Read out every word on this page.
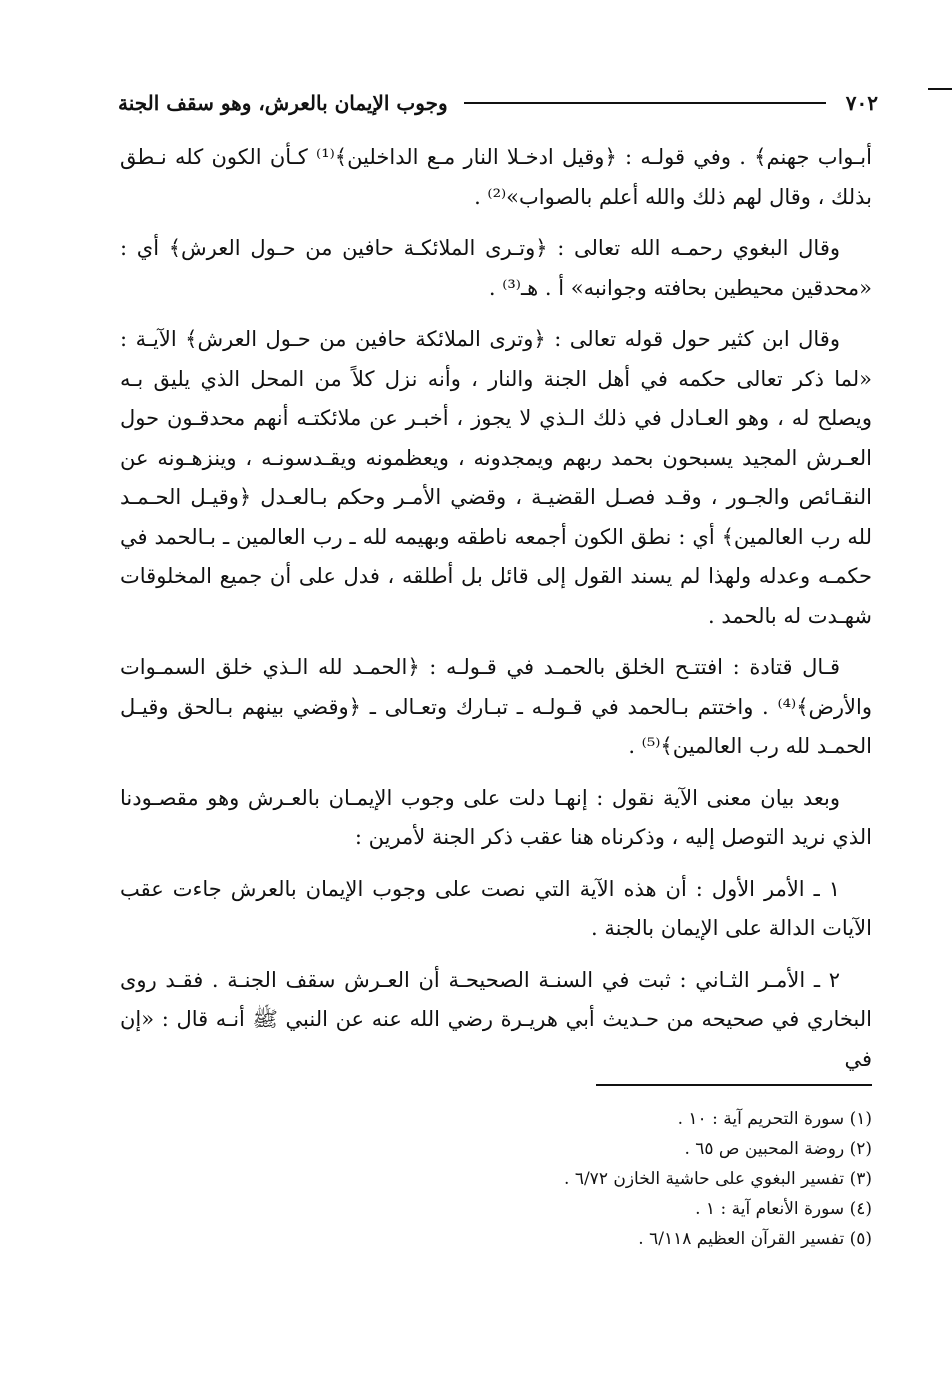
٧٠٢
وجوب الإيمان بالعرش، وهو سقف الجنة

أبـواب جهنم﴾ . وفي قولـه : ﴿وقيل ادخـلا النار مـع الداخلين﴾⁽¹⁾ كـأن الكون كله نـطق بذلك ، وقال لهم ذلك والله أعلم بالصواب»⁽²⁾ .

وقال البغوي رحمـه الله تعالى : ﴿وتـرى الملائكـة حافين من حـول العرش﴾ أي : «محدقين محيطين بحافته وجوانبه» أ . هـ⁽³⁾ .

وقال ابن كثير حول قوله تعالى : ﴿وترى الملائكة حافين من حـول العرش﴾ الآيـة : «لما ذكر تعالى حكمه في أهل الجنة والنار ، وأنه نزل كلاً من المحل الذي يليق بـه ويصلح له ، وهو العـادل في ذلك الـذي لا يجوز ، أخبـر عن ملائكتـه أنهم محدقـون حول العـرش المجيد يسبحون بحمد ربهم ويمجدونه ، ويعظمونه ويقـدسونـه ، وينزهـونه عن النقـائص والجـور ، وقـد فصـل القضيـة ، وقضي الأمـر وحكم بـالعـدل ﴿وقيـل الحـمـد لله رب العالمين﴾ أي : نطق الكون أجمعه ناطقه وبهيمه لله ـ رب العالمين ـ بـالحمد في حكمـه وعدله ولهذا لم يسند القول إلى قائل بل أطلقه ، فدل على أن جميع المخلوقات شهـدت له بالحمد .

قـال قتادة : افتتـح الخلق بالحمـد في قـولـه : ﴿الحمـد لله الـذي خلق السمـوات والأرض﴾⁽⁴⁾ . واختتم بـالحمد في قـولـه ـ تبـارك وتعـالى ـ ﴿وقضي بينهم بـالحق وقيـل الحمـد لله رب العالمين﴾⁽⁵⁾ .

وبعد بيان معنى الآية نقول : إنهـا دلت على وجوب الإيمـان بالعـرش وهو مقصـودنا الذي نريد التوصل إليه ، وذكرناه هنا عقب ذكر الجنة لأمرين :

١ ـ الأمر الأول : أن هذه الآية التي نصت على وجوب الإيمان بالعرش جاءت عقب الآيات الدالة على الإيمان بالجنة .

٢ ـ الأمـر الثـاني : ثبت في السنـة الصحيحـة أن العـرش سقف الجنـة . فقـد روى البخاري في صحيحه من حـديث أبي هريـرة رضي الله عنه عن النبي ﷺ أنـه قال : «إن في

(١) سورة التحريم آية : ١٠ .
(٢) روضة المحبين ص ٦٥ .
(٣) تفسير البغوي على حاشية الخازن ٦/٧٢ .
(٤) سورة الأنعام آية : ١ .
(٥) تفسير القرآن العظيم ٦/١١٨ .
